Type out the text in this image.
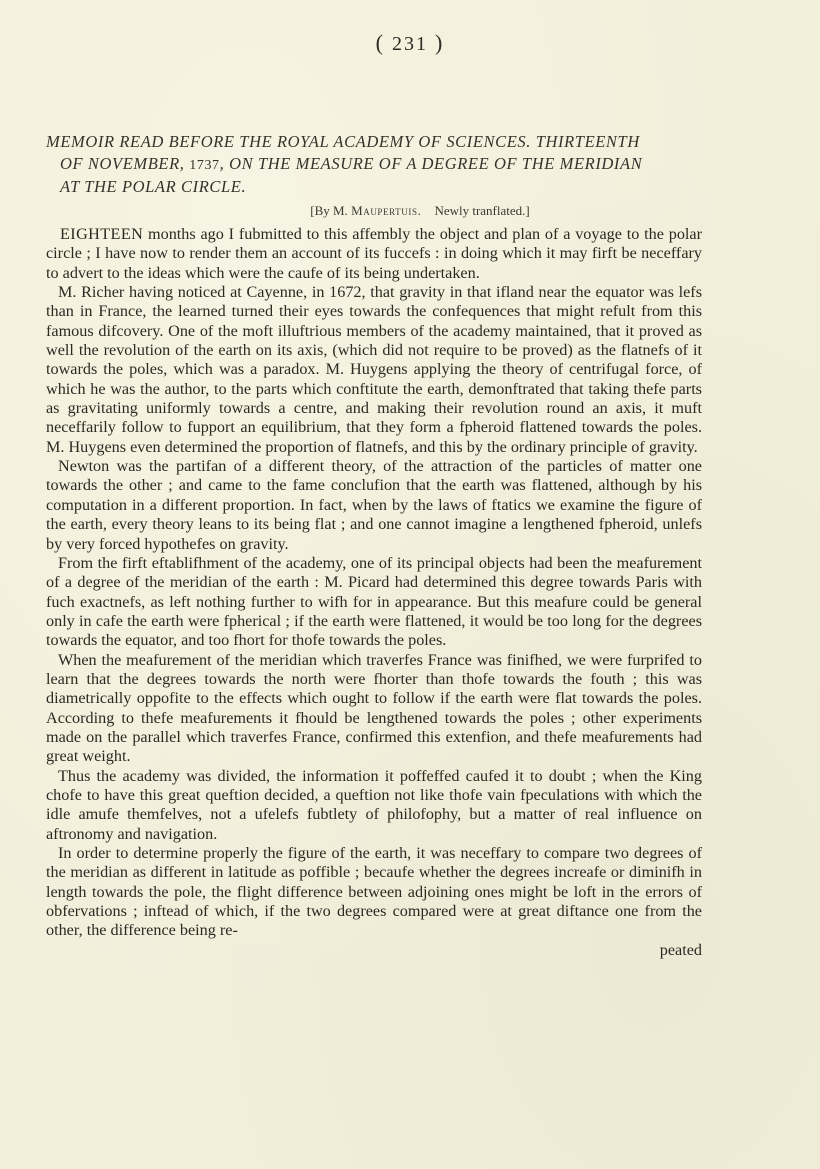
( 231 )
MEMOIR READ BEFORE THE ROYAL ACADEMY OF SCIENCES. THIRTEENTH
OF NOVEMBER, 1737, ON THE MEASURE OF A DEGREE OF THE MERIDIAN
AT THE POLAR CIRCLE.
[By M. Maupertuis. Newly tranflated.]

EIGHTEEN months ago I fubmitted to this affembly the object and plan of a voyage to the polar circle ; I have now to render them an account of its fuccefs : in doing which it may firft be neceffary to advert to the ideas which were the caufe of its being undertaken.

M. Richer having noticed at Cayenne, in 1672, that gravity in that ifland near the equator was lefs than in France, the learned turned their eyes towards the confequences that might refult from this famous difcovery. One of the moft illuftrious members of the academy maintained, that it proved as well the revolution of the earth on its axis, (which did not require to be proved) as the flatnefs of it towards the poles, which was a paradox. M. Huygens applying the theory of centrifugal force, of which he was the author, to the parts which conftitute the earth, demonftrated that taking thefe parts as gravitating uniformly towards a centre, and making their revolution round an axis, it muft neceffarily follow to fupport an equilibrium, that they form a fpheroid flattened towards the poles. M. Huygens even determined the proportion of flatnefs, and this by the ordinary principle of gravity.

Newton was the partifan of a different theory, of the attraction of the particles of matter one towards the other ; and came to the fame conclufion that the earth was flattened, although by his computation in a different proportion. In fact, when by the laws of ftatics we examine the figure of the earth, every theory leans to its being flat ; and one cannot imagine a lengthened fpheroid, unlefs by very forced hypothefes on gravity.

From the firft eftablifhment of the academy, one of its principal objects had been the meafurement of a degree of the meridian of the earth : M. Picard had determined this degree towards Paris with fuch exactnefs, as left nothing further to wifh for in appearance. But this meafure could be general only in cafe the earth were fpherical ; if the earth were flattened, it would be too long for the degrees towards the equator, and too fhort for thofe towards the poles.

When the meafurement of the meridian which traverfes France was finifhed, we were furprifed to learn that the degrees towards the north were fhorter than thofe towards the fouth ; this was diametrically oppofite to the effects which ought to follow if the earth were flat towards the poles. According to thefe meafurements it fhould be lengthened towards the poles ; other experiments made on the parallel which traverfes France, confirmed this extenfion, and thefe meafurements had great weight.

Thus the academy was divided, the information it poffeffed caufed it to doubt ; when the King chofe to have this great queftion decided, a queftion not like thofe vain fpeculations with which the idle amufe themfelves, not a ufelefs fubtlety of philofophy, but a matter of real influence on aftronomy and navigation.

In order to determine properly the figure of the earth, it was neceffary to compare two degrees of the meridian as different in latitude as poffible ; becaufe whether the degrees increafe or diminifh in length towards the pole, the flight difference between adjoining ones might be loft in the errors of obfervations ; inftead of which, if the two degrees compared were at great diftance one from the other, the difference being re-

peated
